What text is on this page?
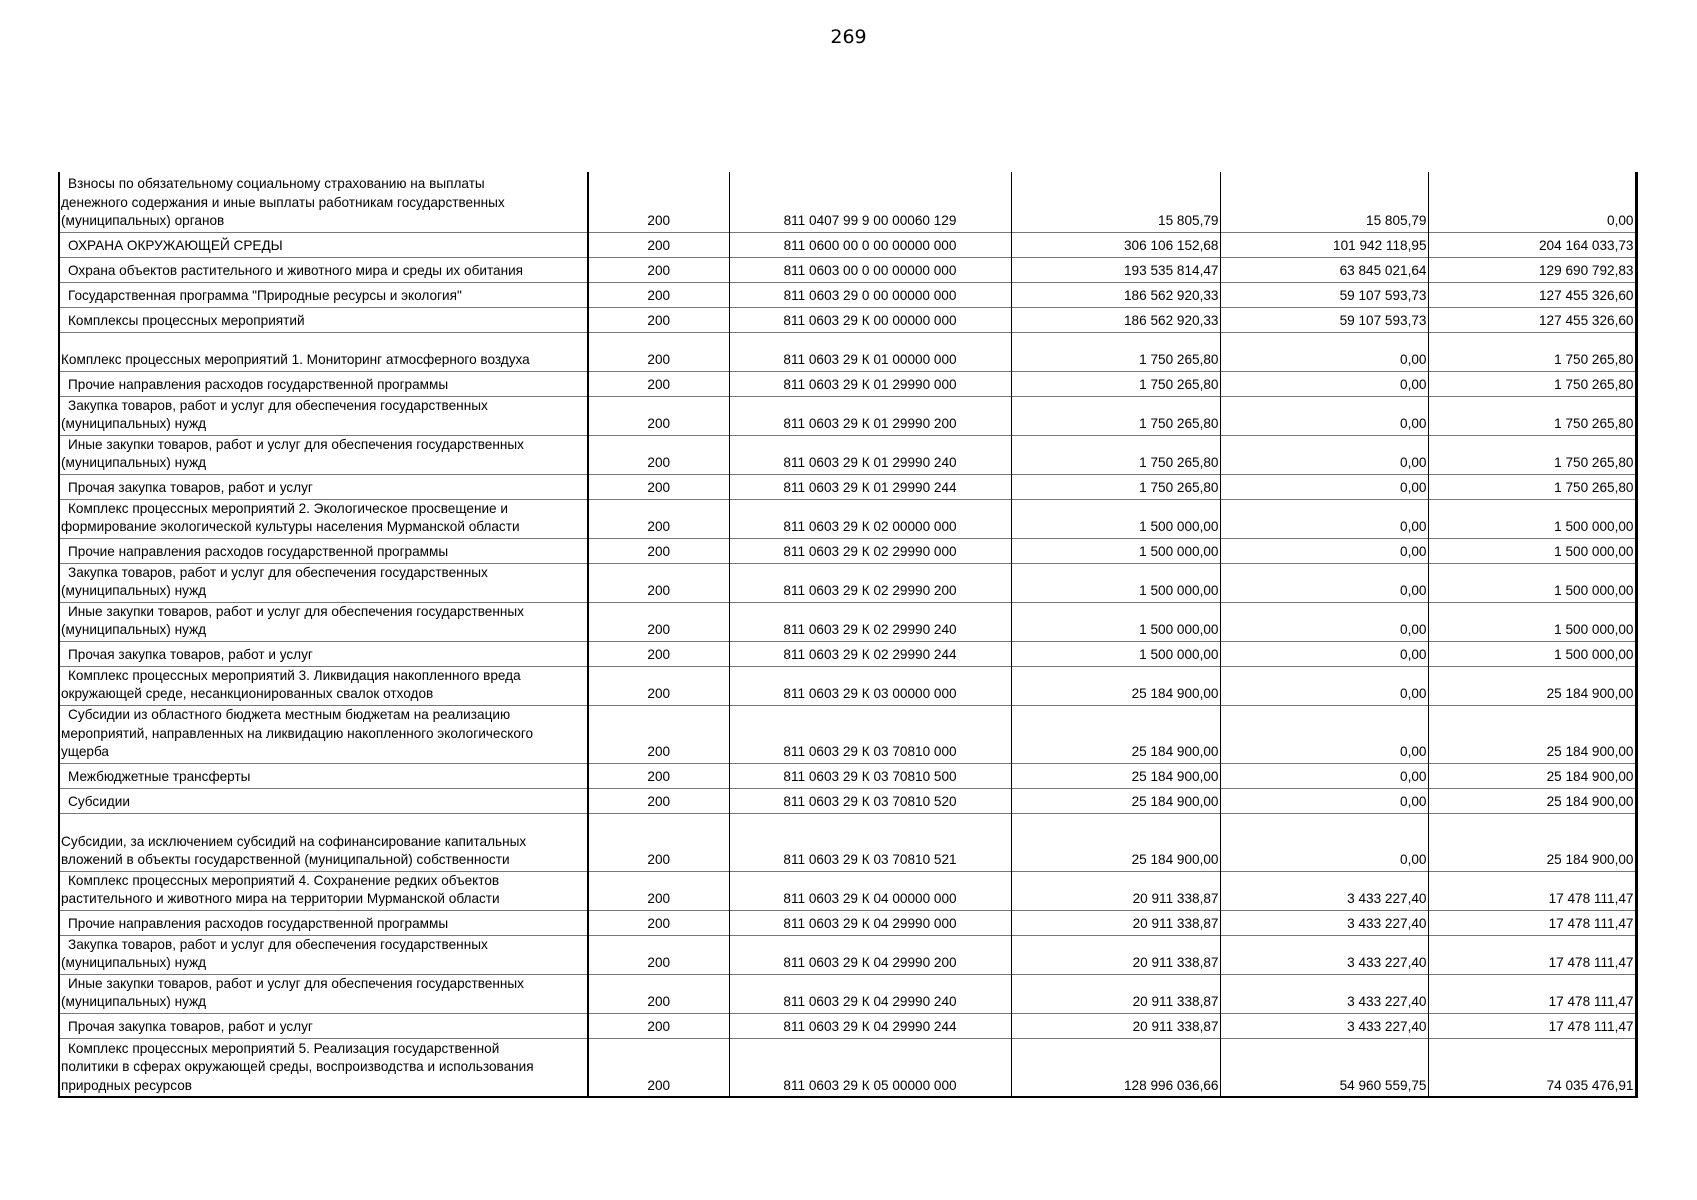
269
Взносы по обязательному социальному страхованию на выплаты
денежного содержания и иные выплаты работникам государственных
(муниципальных) органов	200	811 0407 99 9 00 00060 129	15 805,79	15 805,79	0,00

ОХРАНА ОКРУЖАЮЩЕЙ СРЕДЫ	200	811 0600 00 0 00 00000 000	306 106 152,68	101 942 118,95	204 164 033,73

Охрана объектов растительного и животного мира и среды их обитания	200	811 0603 00 0 00 00000 000	193 535 814,47	63 845 021,64	129 690 792,83

Государственная программа "Природные ресурсы и экология"	200	811 0603 29 0 00 00000 000	186 562 920,33	59 107 593,73	127 455 326,60

Комплексы процессных мероприятий	200	811 0603 29 К 00 00000 000	186 562 920,33	59 107 593,73	127 455 326,60

Комплекс процессных мероприятий 1. Мониторинг атмосферного воздуха	200	811 0603 29 К 01 00000 000	1 750 265,80	0,00	1 750 265,80

Прочие направления расходов государственной программы	200	811 0603 29 К 01 29990 000	1 750 265,80	0,00	1 750 265,80

Закупка товаров, работ и услуг для обеспечения государственных
(муниципальных) нужд	200	811 0603 29 К 01 29990 200	1 750 265,80	0,00	1 750 265,80

Иные закупки товаров, работ и услуг для обеспечения государственных
(муниципальных) нужд	200	811 0603 29 К 01 29990 240	1 750 265,80	0,00	1 750 265,80

Прочая закупка товаров, работ и услуг	200	811 0603 29 К 01 29990 244	1 750 265,80	0,00	1 750 265,80

Комплекс процессных мероприятий 2. Экологическое просвещение и
формирование экологической культуры населения Мурманской области	200	811 0603 29 К 02 00000 000	1 500 000,00	0,00	1 500 000,00

Прочие направления расходов государственной программы	200	811 0603 29 К 02 29990 000	1 500 000,00	0,00	1 500 000,00

Закупка товаров, работ и услуг для обеспечения государственных
(муниципальных) нужд	200	811 0603 29 К 02 29990 200	1 500 000,00	0,00	1 500 000,00

Иные закупки товаров, работ и услуг для обеспечения государственных
(муниципальных) нужд	200	811 0603 29 К 02 29990 240	1 500 000,00	0,00	1 500 000,00

Прочая закупка товаров, работ и услуг	200	811 0603 29 К 02 29990 244	1 500 000,00	0,00	1 500 000,00

Комплекс процессных мероприятий 3. Ликвидация накопленного вреда
окружающей среде, несанкционированных свалок отходов	200	811 0603 29 К 03 00000 000	25 184 900,00	0,00	25 184 900,00

Субсидии из областного бюджета местным бюджетам на реализацию
мероприятий, направленных на ликвидацию накопленного экологического
ущерба	200	811 0603 29 К 03 70810 000	25 184 900,00	0,00	25 184 900,00

Межбюджетные трансферты	200	811 0603 29 К 03 70810 500	25 184 900,00	0,00	25 184 900,00

Субсидии	200	811 0603 29 К 03 70810 520	25 184 900,00	0,00	25 184 900,00

Субсидии, за исключением субсидий на софинансирование капитальных
вложений в объекты государственной (муниципальной) собственности	200	811 0603 29 К 03 70810 521	25 184 900,00	0,00	25 184 900,00

Комплекс процессных мероприятий 4. Сохранение редких объектов
растительного и животного мира на территории Мурманской области	200	811 0603 29 К 04 00000 000	20 911 338,87	3 433 227,40	17 478 111,47

Прочие направления расходов государственной программы	200	811 0603 29 К 04 29990 000	20 911 338,87	3 433 227,40	17 478 111,47

Закупка товаров, работ и услуг для обеспечения государственных
(муниципальных) нужд	200	811 0603 29 К 04 29990 200	20 911 338,87	3 433 227,40	17 478 111,47

Иные закупки товаров, работ и услуг для обеспечения государственных
(муниципальных) нужд	200	811 0603 29 К 04 29990 240	20 911 338,87	3 433 227,40	17 478 111,47

Прочая закупка товаров, работ и услуг	200	811 0603 29 К 04 29990 244	20 911 338,87	3 433 227,40	17 478 111,47

Комплекс процессных мероприятий 5. Реализация государственной
политики в сферах окружающей среды, воспроизводства и использования
природных ресурсов	200	811 0603 29 К 05 00000 000	128 996 036,66	54 960 559,75	74 035 476,91
